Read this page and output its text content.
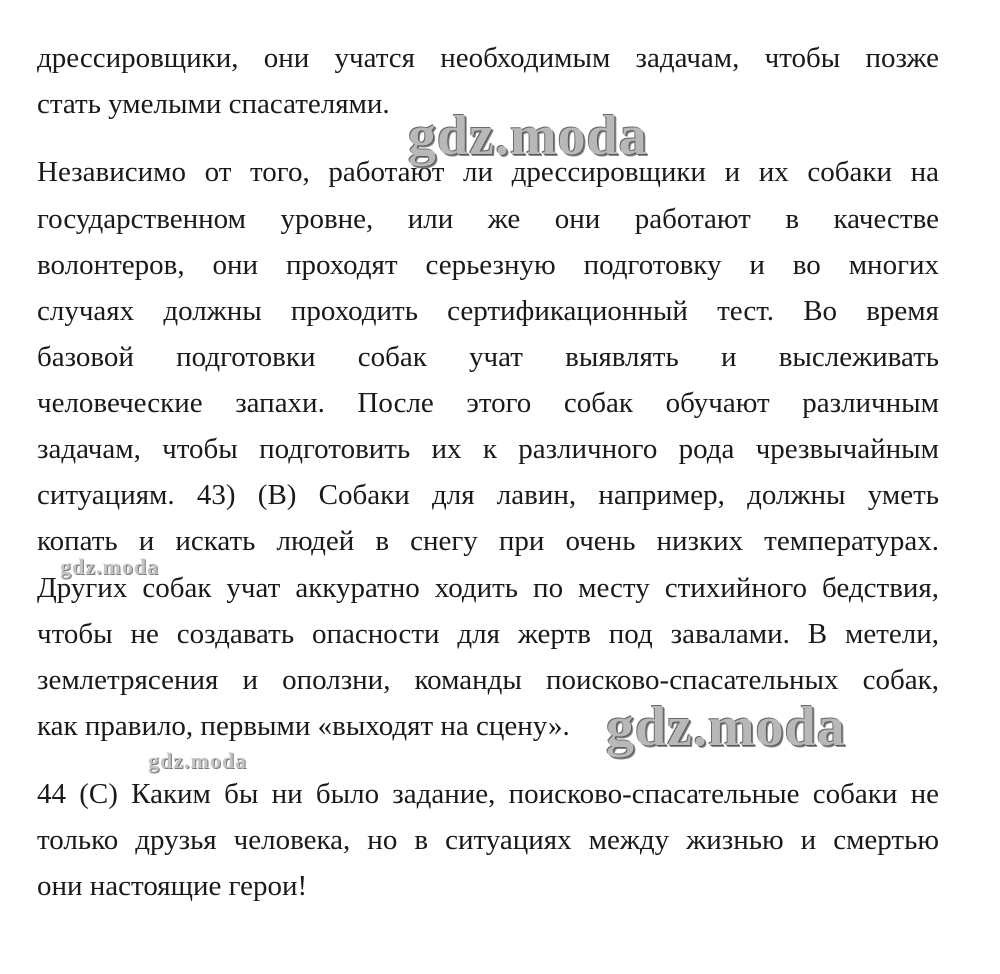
дрессировщики, они учатся необходимым задачам, чтобы позже
стать умелыми спасателями.
Независимо от того, работают ли дрессировщики и их собаки на
государственном уровне, или же они работают в качестве
волонтеров, они проходят серьезную подготовку и во многих
случаях должны проходить сертификационный тест. Во время
базовой подготовки собак учат выявлять и выслеживать
человеческие запахи. После этого собак обучают различным
задачам, чтобы подготовить их к различного рода чрезвычайным
ситуациям. 43) (B) Собаки для лавин, например, должны уметь
копать и искать людей в снегу при очень низких температурах.
Других собак учат аккуратно ходить по месту стихийного бедствия,
чтобы не создавать опасности для жертв под завалами. В метели,
землетрясения и оползни, команды поисково-спасательных собак,
как правило, первыми «выходят на сцену».
44 (C) Каким бы ни было задание, поисково-спасательные собаки не
только друзья человека, но в ситуациях между жизнью и смертью
они настоящие герои!
gdz.moda
gdz.moda
gdz.moda
gdz.moda
